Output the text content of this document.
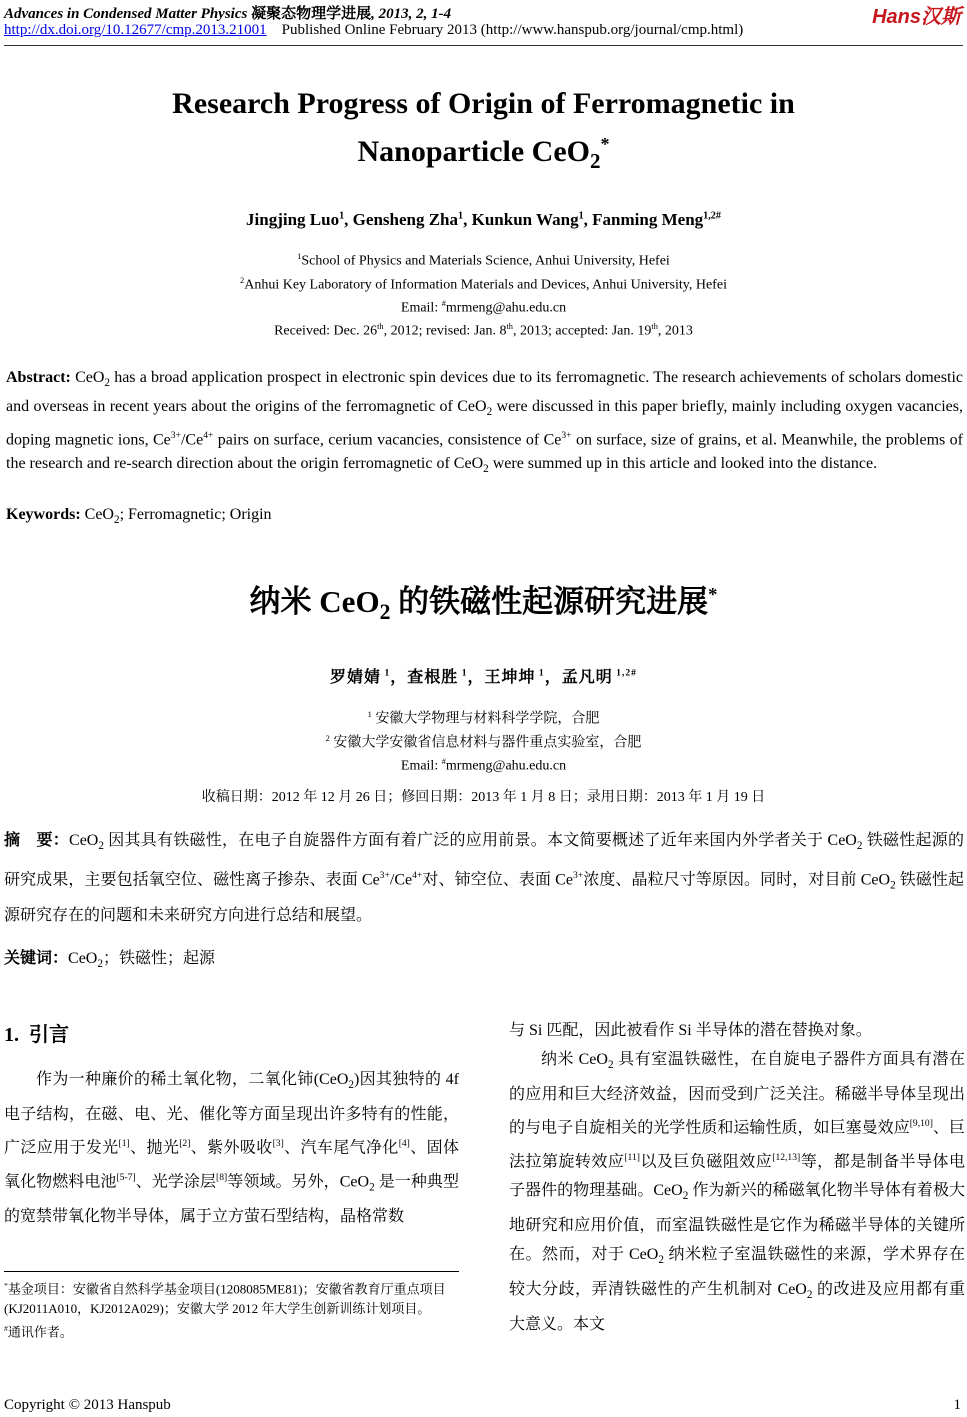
Advances in Condensed Matter Physics 凝聚态物理学进展, 2013, 2, 1-4	Hans汉斯
http://dx.doi.org/10.12677/cmp.2013.21001 Published Online February 2013 (http://www.hanspub.org/journal/cmp.html)
Research Progress of Origin of Ferromagnetic in
Nanoparticle CeO$_2$*
Jingjing Luo$^1$, Gensheng Zha$^1$, Kunkun Wang$^1$, Fanming Meng$^{1,2\#}$
$^1$School of Physics and Materials Science, Anhui University, Hefei
$^2$Anhui Key Laboratory of Information Materials and Devices, Anhui University, Hefei
Email: #mrmeng@ahu.edu.cn
Received: Dec. 26th, 2012; revised: Jan. 8th, 2013; accepted: Jan. 19th, 2013
Abstract: CeO$_2$ has a broad application prospect in electronic spin devices due to its ferromagnetic. The research achievements of scholars domestic and overseas in recent years about the origins of the ferromagnetic of CeO$_2$ were discussed in this paper briefly, mainly including oxygen vacancies, doping magnetic ions, $Ce^{3+}/Ce^{4+}$ pairs on surface, cerium vacancies, consistence of $Ce^{3+}$ on surface, size of grains, et al. Meanwhile, the problems of the research and re-search direction about the origin ferromagnetic of CeO$_2$ were summed up in this article and looked into the distance.
Keywords: CeO$_2$; Ferromagnetic; Origin
纳米 CeO$_2$ 的铁磁性起源研究进展*
罗婧婧 $^1$，查根胜 $^1$，王坤坤 $^1$，孟凡明 $^{1,2\#}$
$^1$ 安徽大学物理与材料科学学院，合肥
$^2$ 安徽大学安徽省信息材料与器件重点实验室，合肥
Email: #mrmeng@ahu.edu.cn
收稿日期：2012 年 12 月 26 日；修回日期：2013 年 1 月 8 日；录用日期：2013 年 1 月 19 日
摘　要：CeO$_2$ 因其具有铁磁性，在电子自旋器件方面有着广泛的应用前景。本文简要概述了近年来国内外学者关于 CeO$_2$ 铁磁性起源的研究成果，主要包括氧空位、磁性离子掺杂、表面 $Ce^{3+}/Ce^{4+}$对、铈空位、表面 $Ce^{3+}$浓度、晶粒尺寸等原因。同时，对目前 CeO$_2$ 铁磁性起源研究存在的问题和未来研究方向进行总结和展望。
关键词：CeO$_2$；铁磁性；起源
1. 引言
作为一种廉价的稀土氧化物，二氧化铈(CeO$_2$)因其独特的 4f 电子结构，在磁、电、光、催化等方面呈现出许多特有的性能，广泛应用于发光[1]、抛光[2]、紫外吸收[3]、汽车尾气净化[4]、固体氧化物燃料电池[5-7]、光学涂层[8]等领域。另外，CeO$_2$ 是一种典型的宽禁带氧化物半导体，属于立方萤石型结构，晶格常数
*基金项目：安徽省自然科学基金项目(1208085ME81)；安徽省教育厅重点项目(KJ2011A010，KJ2012A029)；安徽大学 2012 年大学生创新训练计划项目。
#通讯作者。
与 Si 匹配，因此被看作 Si 半导体的潜在替换对象。
纳米 CeO$_2$ 具有室温铁磁性，在自旋电子器件方面具有潜在的应用和巨大经济效益，因而受到广泛关注。稀磁半导体呈现出的与电子自旋相关的光学性质和运输性质，如巨塞曼效应[9,10]、巨法拉第旋转效应[11]以及巨负磁阻效应[12,13]等，都是制备半导体电子器件的物理基础。CeO$_2$ 作为新兴的稀磁氧化物半导体有着极大地研究和应用价值，而室温铁磁性是它作为稀磁半导体的关键所在。然而，对于 CeO$_2$ 纳米粒子室温铁磁性的来源，学术界存在较大分歧，弄清铁磁性的产生机制对 CeO$_2$ 的改进及应用都有重大意义。本文
Copyright © 2013 Hanspub	1
